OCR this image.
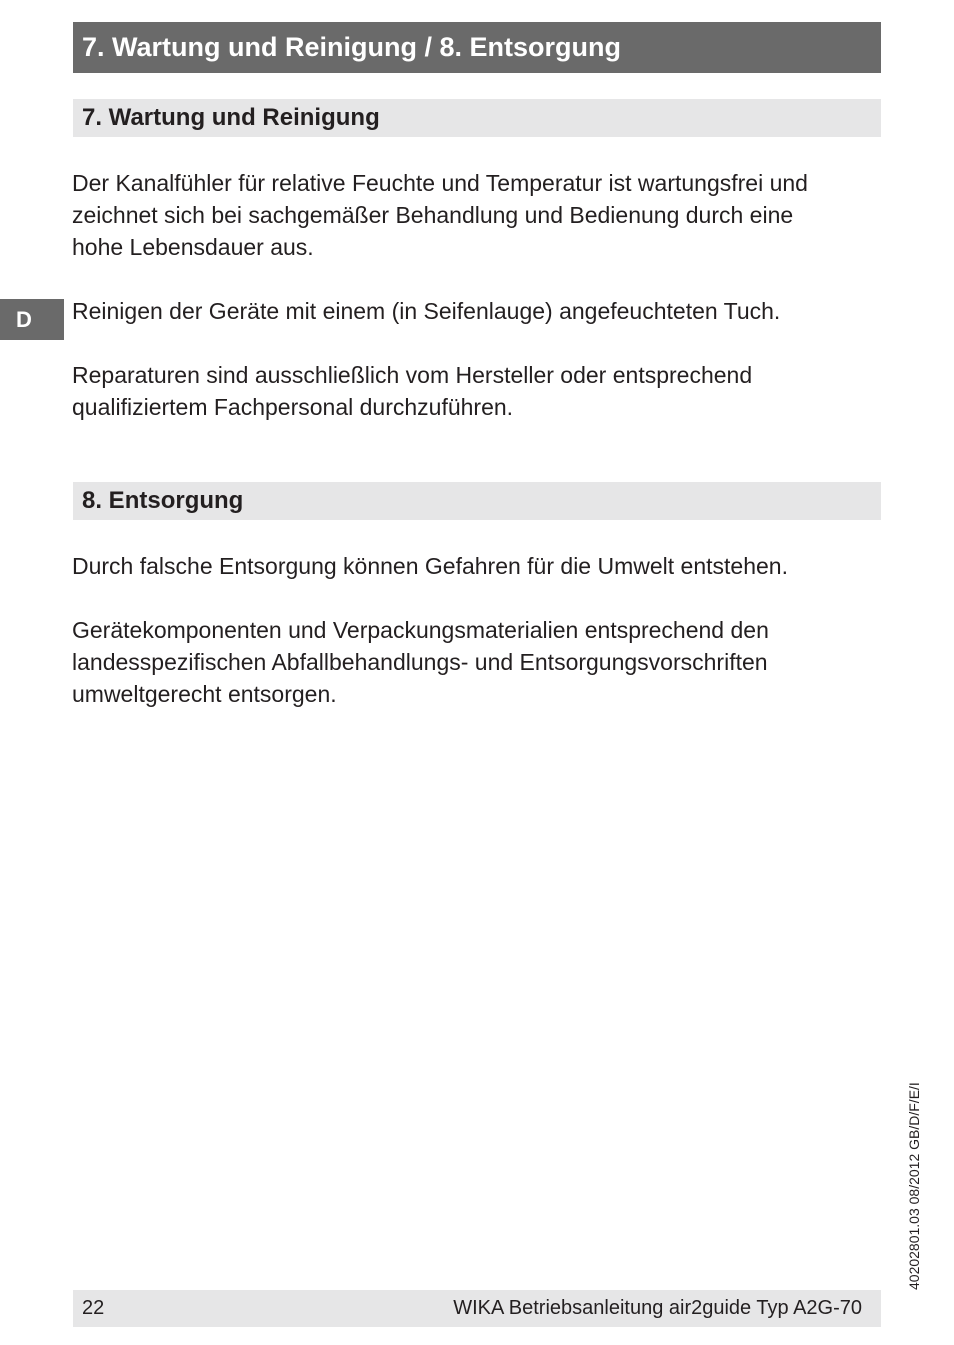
7. Wartung und Reinigung / 8. Entsorgung
7. Wartung und Reinigung

Der Kanalfühler für relative Feuchte und Temperatur ist wartungsfrei und
zeichnet sich bei sachgemäßer Behandlung und Bedienung durch eine
hohe Lebensdauer aus.

D	Reinigen der Geräte mit einem (in Seifenlauge) angefeuchteten Tuch.

Reparaturen sind ausschließlich vom Hersteller oder entsprechend
qualifiziertem Fachpersonal durchzuführen.

8. Entsorgung

Durch falsche Entsorgung können Gefahren für die Umwelt entstehen.

Gerätekomponenten und Verpackungsmaterialien entsprechend den
landesspezifischen Abfallbehandlungs- und Entsorgungsvorschriften
umweltgerecht entsorgen.

40202801.03 08/2012 GB/D/F/E/I
22	WIKA Betriebsanleitung air2guide Typ A2G-70
